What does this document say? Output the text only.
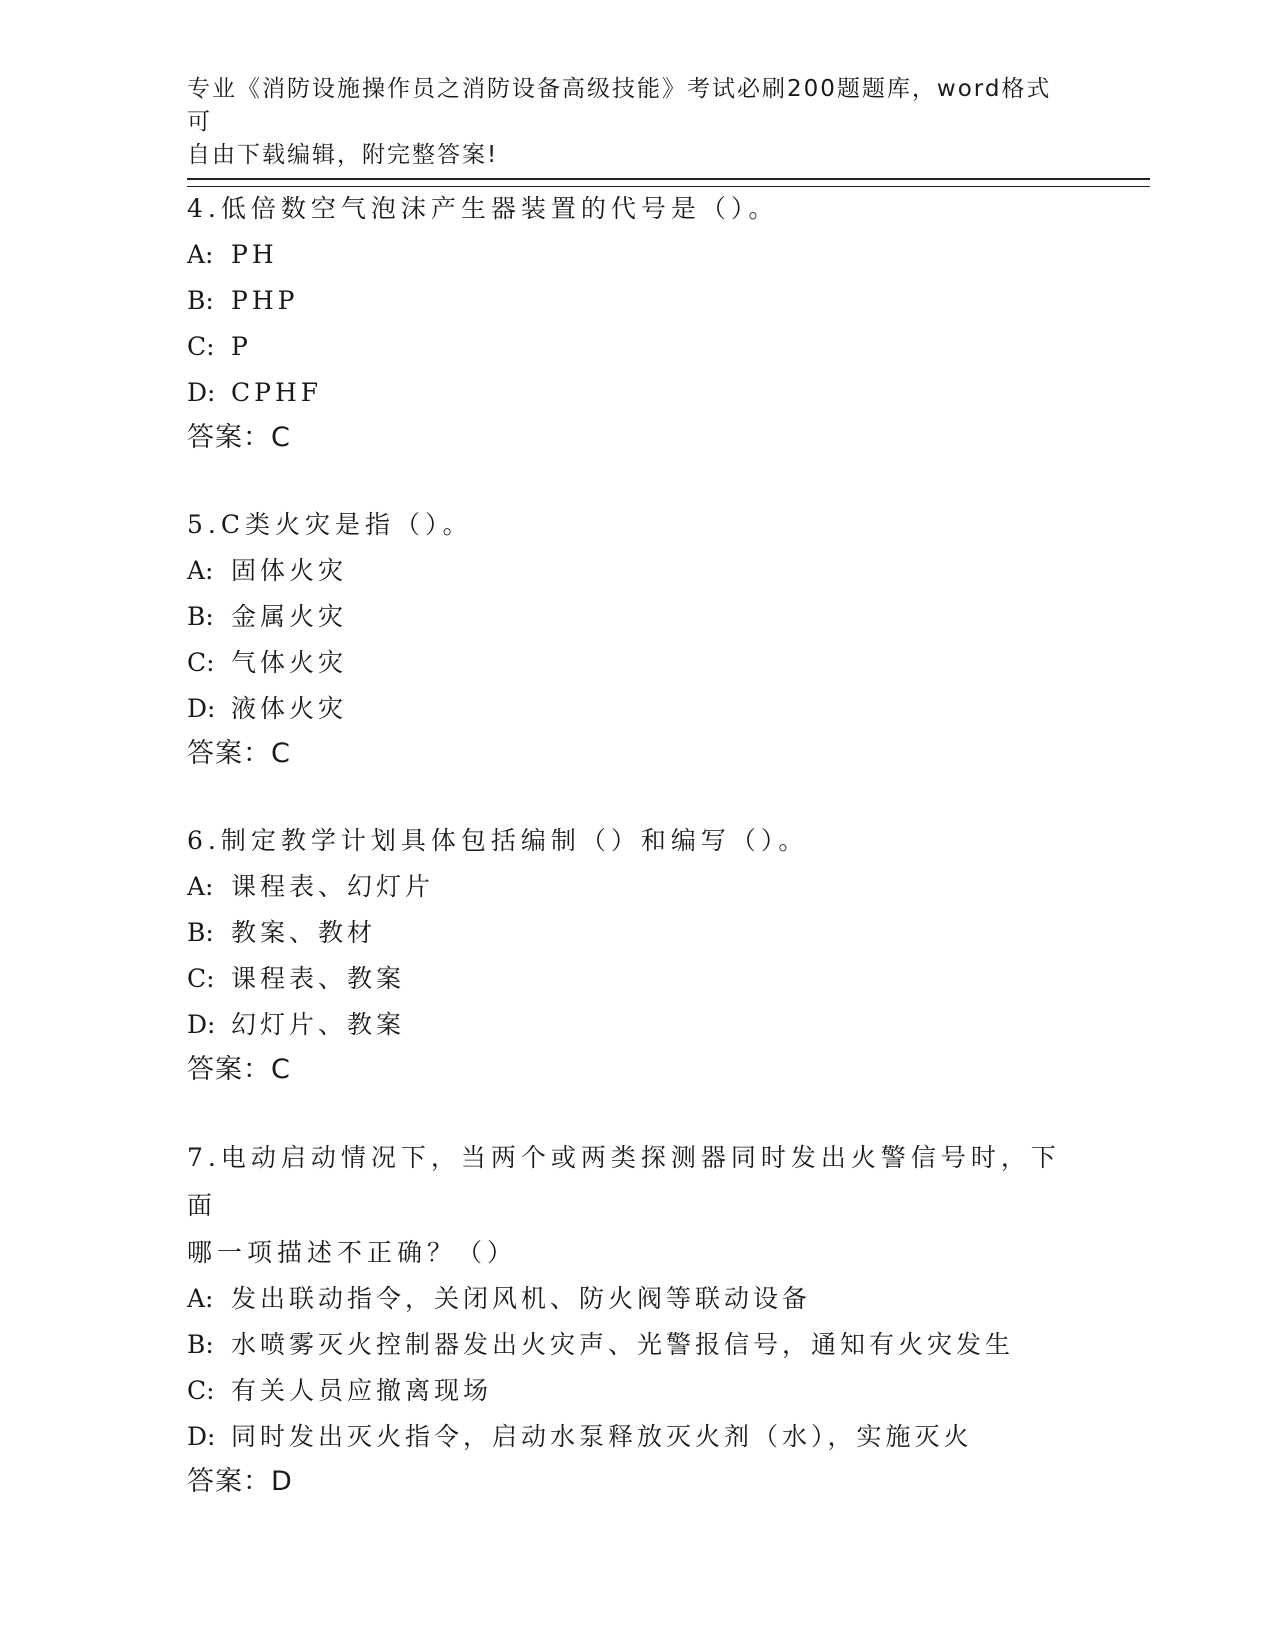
专业《消防设施操作员之消防设备高级技能》考试必刷200题题库，word格式可

自由下载编辑，附完整答案!

4.低倍数空气泡沫产生器装置的代号是（）。

A: PH

B: PHP

C: P

D: CPHF

答案：C

5.C类火灾是指（）。

A: 固体火灾

B: 金属火灾

C: 气体火灾

D: 液体火灾

答案：C

6.制定教学计划具体包括编制（）和编写（）。

A: 课程表、幻灯片

B: 教案、教材

C: 课程表、教案

D: 幻灯片、教案

答案：C

7.电动启动情况下，当两个或两类探测器同时发出火警信号时，下面

哪一项描述不正确？（）

A: 发出联动指令，关闭风机、防火阀等联动设备

B: 水喷雾灭火控制器发出火灾声、光警报信号，通知有火灾发生

C: 有关人员应撤离现场

D: 同时发出灭火指令，启动水泵释放灭火剂（水），实施灭火

答案：D
